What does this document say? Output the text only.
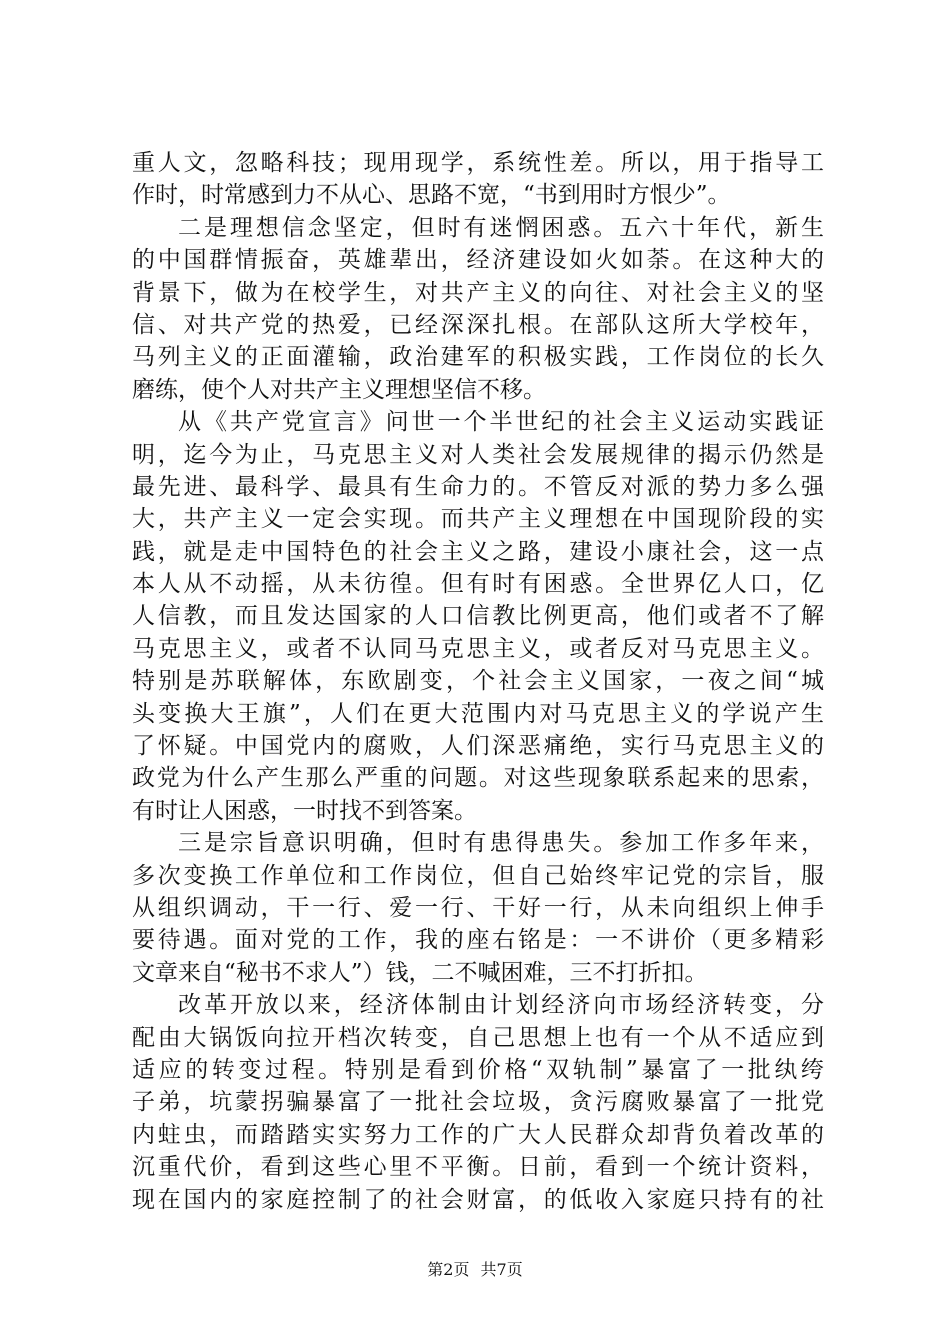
重人文，忽略科技；现用现学，系统性差。所以，用于指导工
作时，时常感到力不从心、思路不宽，“书到用时方恨少”。
二是理想信念坚定，但时有迷惘困惑。五六十年代，新生
的中国群情振奋，英雄辈出，经济建设如火如荼。在这种大的
背景下，做为在校学生，对共产主义的向往、对社会主义的坚
信、对共产党的热爱，已经深深扎根。在部队这所大学校年，
马列主义的正面灌输，政治建军的积极实践，工作岗位的长久
磨练，使个人对共产主义理想坚信不移。
从《共产党宣言》问世一个半世纪的社会主义运动实践证
明，迄今为止，马克思主义对人类社会发展规律的揭示仍然是
最先进、最科学、最具有生命力的。不管反对派的势力多么强
大，共产主义一定会实现。而共产主义理想在中国现阶段的实
践，就是走中国特色的社会主义之路，建设小康社会，这一点
本人从不动摇，从未彷徨。但有时有困惑。全世界亿人口，亿
人信教，而且发达国家的人口信教比例更高，他们或者不了解
马克思主义，或者不认同马克思主义，或者反对马克思主义。
特别是苏联解体，东欧剧变，个社会主义国家，一夜之间“城
头变换大王旗”，人们在更大范围内对马克思主义的学说产生
了怀疑。中国党内的腐败，人们深恶痛绝，实行马克思主义的
政党为什么产生那么严重的问题。对这些现象联系起来的思索，
有时让人困惑，一时找不到答案。
三是宗旨意识明确，但时有患得患失。参加工作多年来，
多次变换工作单位和工作岗位，但自己始终牢记党的宗旨，服
从组织调动，干一行、爱一行、干好一行，从未向组织上伸手
要待遇。面对党的工作，我的座右铭是：一不讲价（更多精彩
文章来自“秘书不求人”）钱，二不喊困难，三不打折扣。
改革开放以来，经济体制由计划经济向市场经济转变，分
配由大锅饭向拉开档次转变，自己思想上也有一个从不适应到
适应的转变过程。特别是看到价格“双轨制”暴富了一批纨绔
子弟，坑蒙拐骗暴富了一批社会垃圾，贪污腐败暴富了一批党
内蛀虫，而踏踏实实努力工作的广大人民群众却背负着改革的
沉重代价，看到这些心里不平衡。日前，看到一个统计资料，
现在国内的家庭控制了的社会财富，的低收入家庭只持有的社
第2页 共7页
